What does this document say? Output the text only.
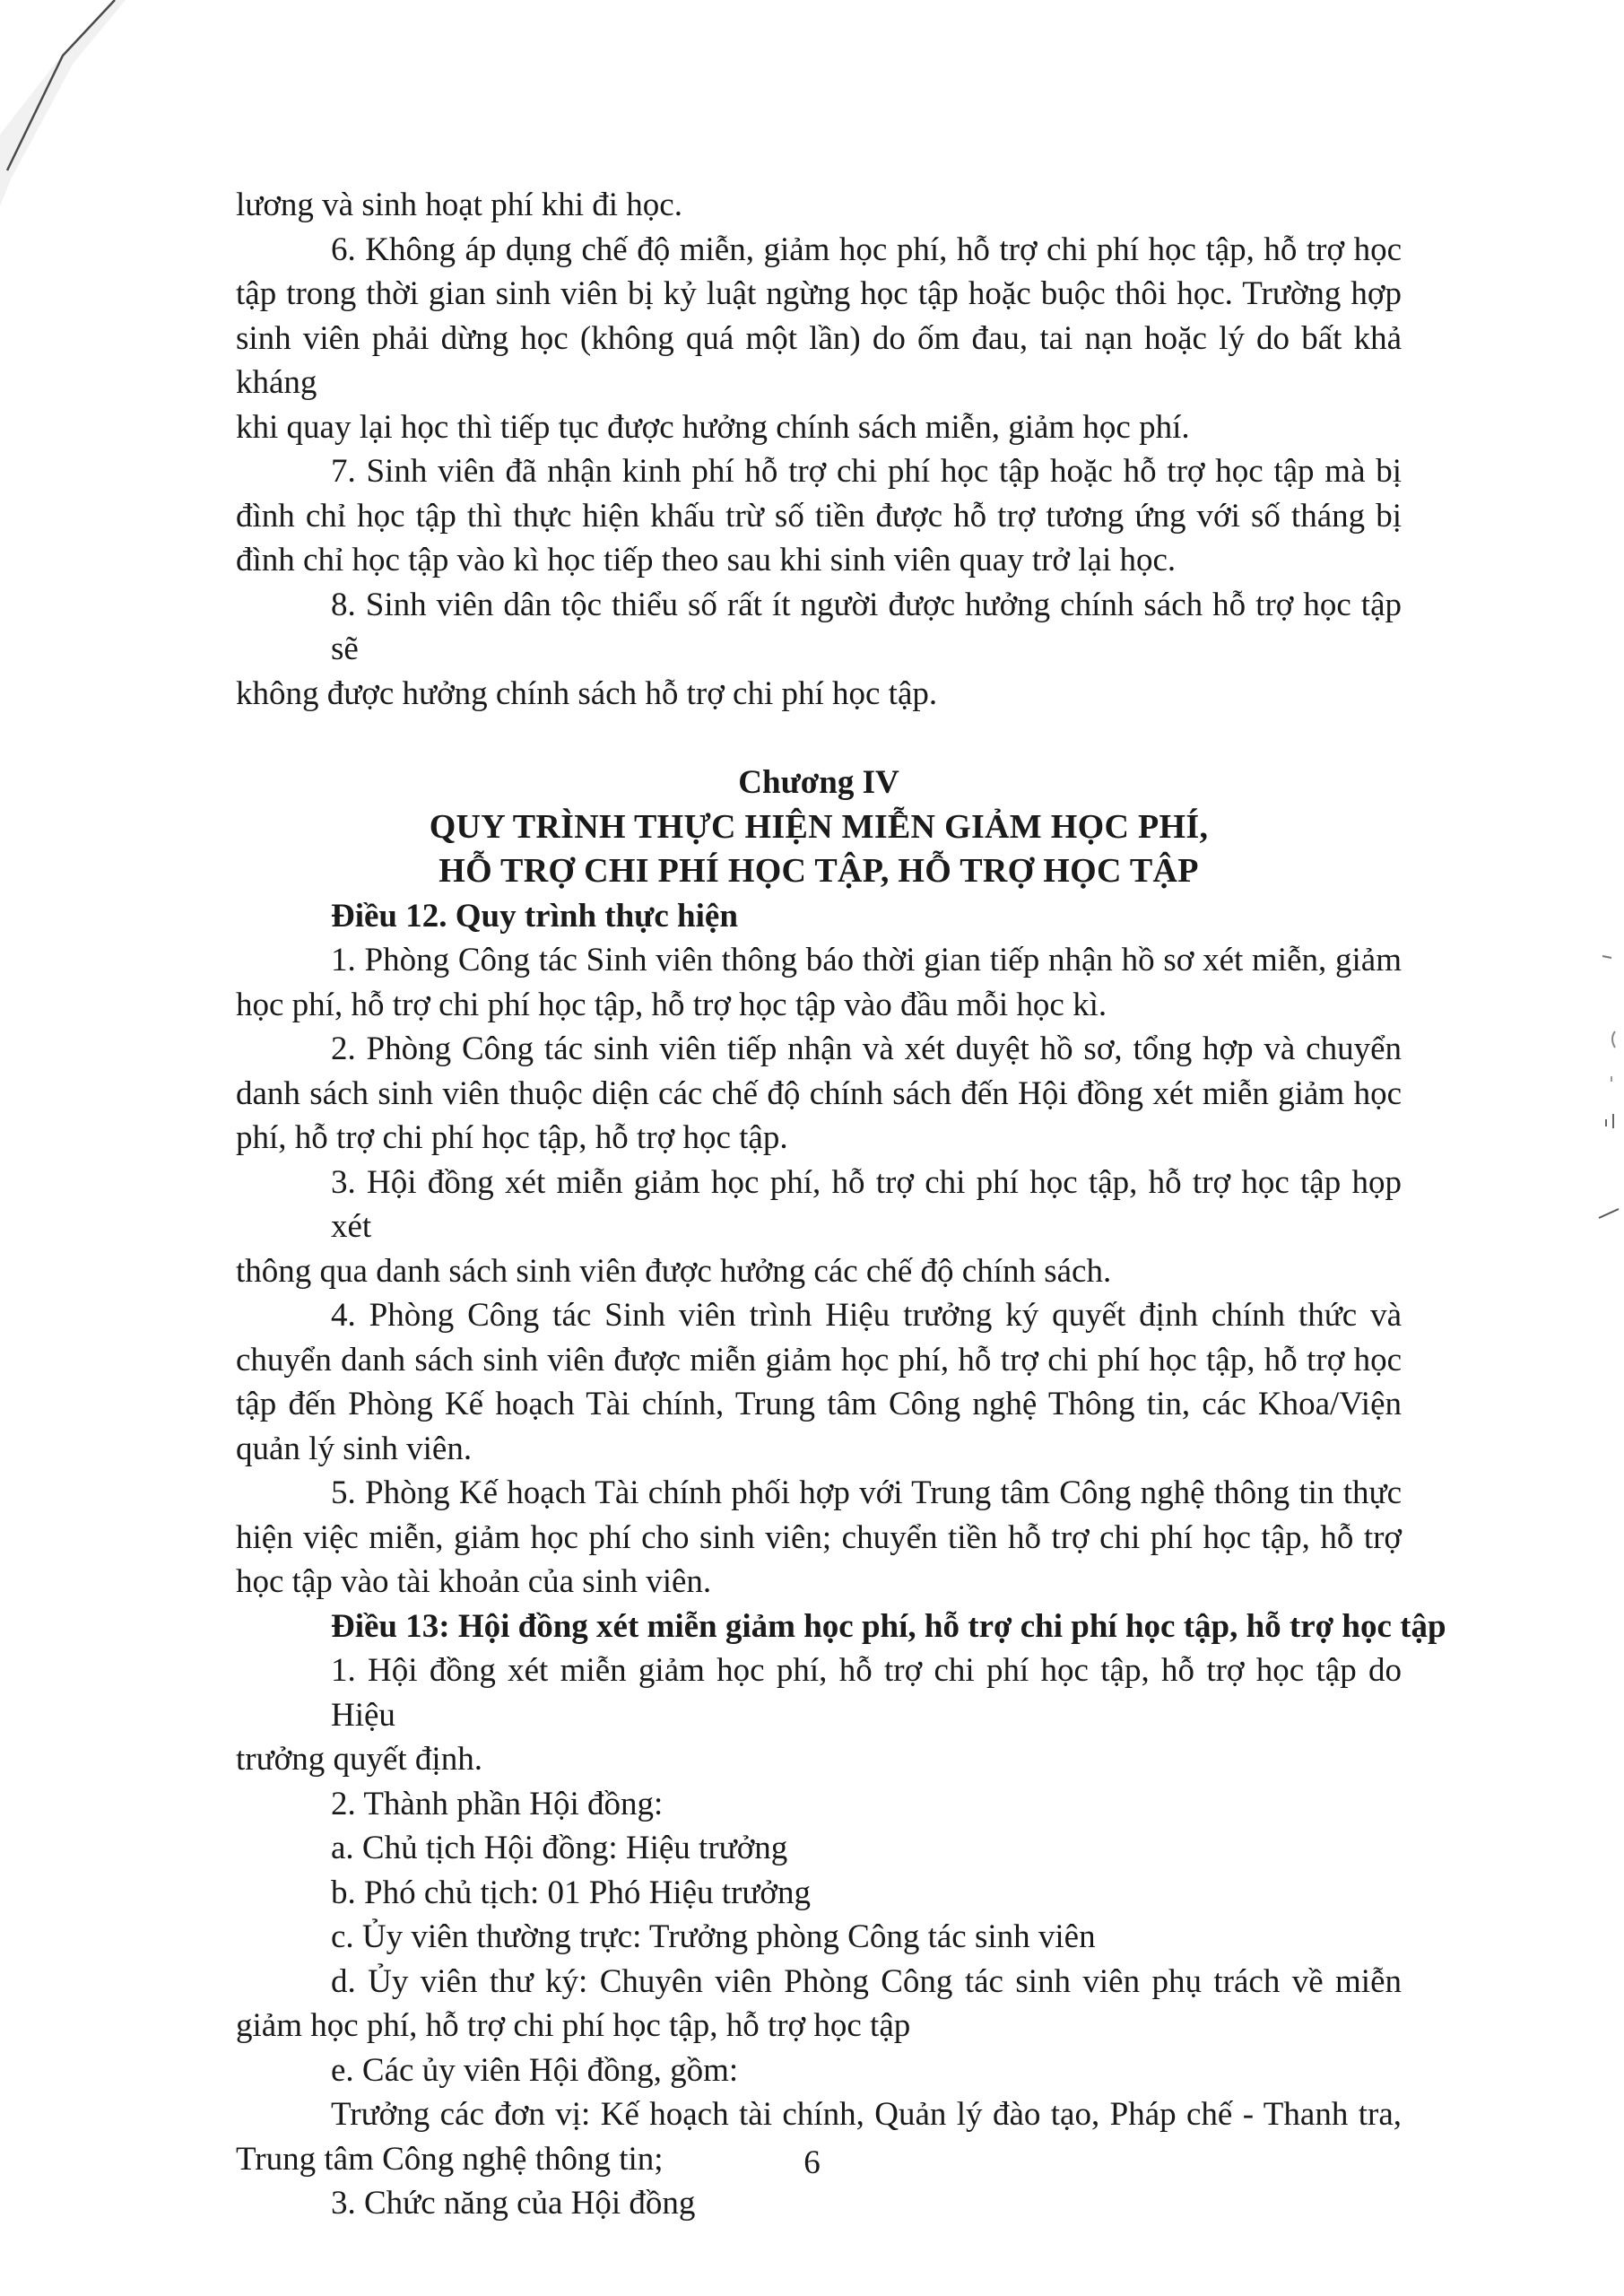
lương và sinh hoạt phí khi đi học.
6. Không áp dụng chế độ miễn, giảm học phí, hỗ trợ chi phí học tập, hỗ trợ học
tập trong thời gian sinh viên bị kỷ luật ngừng học tập hoặc buộc thôi học. Trường hợp
sinh viên phải dừng học (không quá một lần) do ốm đau, tai nạn hoặc lý do bất khả kháng
khi quay lại học thì tiếp tục được hưởng chính sách miễn, giảm học phí.
7. Sinh viên đã nhận kinh phí hỗ trợ chi phí học tập hoặc hỗ trợ học tập mà bị
đình chỉ học tập thì thực hiện khấu trừ số tiền được hỗ trợ tương ứng với số tháng bị
đình chỉ học tập vào kì học tiếp theo sau khi sinh viên quay trở lại học.
8. Sinh viên dân tộc thiểu số rất ít người được hưởng chính sách hỗ trợ học tập sẽ
không được hưởng chính sách hỗ trợ chi phí học tập.
Chương IV
QUY TRÌNH THỰC HIỆN MIỄN GIẢM HỌC PHÍ,
HỖ TRỢ CHI PHÍ HỌC TẬP, HỖ TRỢ HỌC TẬP
Điều 12. Quy trình thực hiện
1. Phòng Công tác Sinh viên thông báo thời gian tiếp nhận hồ sơ xét miễn, giảm
học phí, hỗ trợ chi phí học tập, hỗ trợ học tập vào đầu mỗi học kì.
2. Phòng Công tác sinh viên tiếp nhận và xét duyệt hồ sơ, tổng hợp và chuyển
danh sách sinh viên thuộc diện các chế độ chính sách đến Hội đồng xét miễn giảm học
phí, hỗ trợ chi phí học tập, hỗ trợ học tập.
3. Hội đồng xét miễn giảm học phí, hỗ trợ chi phí học tập, hỗ trợ học tập họp xét
thông qua danh sách sinh viên được hưởng các chế độ chính sách.
4. Phòng Công tác Sinh viên trình Hiệu trưởng ký quyết định chính thức và
chuyển danh sách sinh viên được miễn giảm học phí, hỗ trợ chi phí học tập, hỗ trợ học
tập đến Phòng Kế hoạch Tài chính, Trung tâm Công nghệ Thông tin, các Khoa/Viện
quản lý sinh viên.
5. Phòng Kế hoạch Tài chính phối hợp với Trung tâm Công nghệ thông tin thực
hiện việc miễn, giảm học phí cho sinh viên; chuyển tiền hỗ trợ chi phí học tập, hỗ trợ
học tập vào tài khoản của sinh viên.
Điều 13: Hội đồng xét miễn giảm học phí, hỗ trợ chi phí học tập, hỗ trợ học tập
1. Hội đồng xét miễn giảm học phí, hỗ trợ chi phí học tập, hỗ trợ học tập do Hiệu
trưởng quyết định.
2. Thành phần Hội đồng:
a. Chủ tịch Hội đồng: Hiệu trưởng
b. Phó chủ tịch: 01 Phó Hiệu trưởng
c. Ủy viên thường trực: Trưởng phòng Công tác sinh viên
d. Ủy viên thư ký: Chuyên viên Phòng Công tác sinh viên phụ trách về miễn
giảm học phí, hỗ trợ chi phí học tập, hỗ trợ học tập
e. Các ủy viên Hội đồng, gồm:
Trưởng các đơn vị: Kế hoạch tài chính, Quản lý đào tạo, Pháp chế - Thanh tra,
Trung tâm Công nghệ thông tin;
3. Chức năng của Hội đồng
6
